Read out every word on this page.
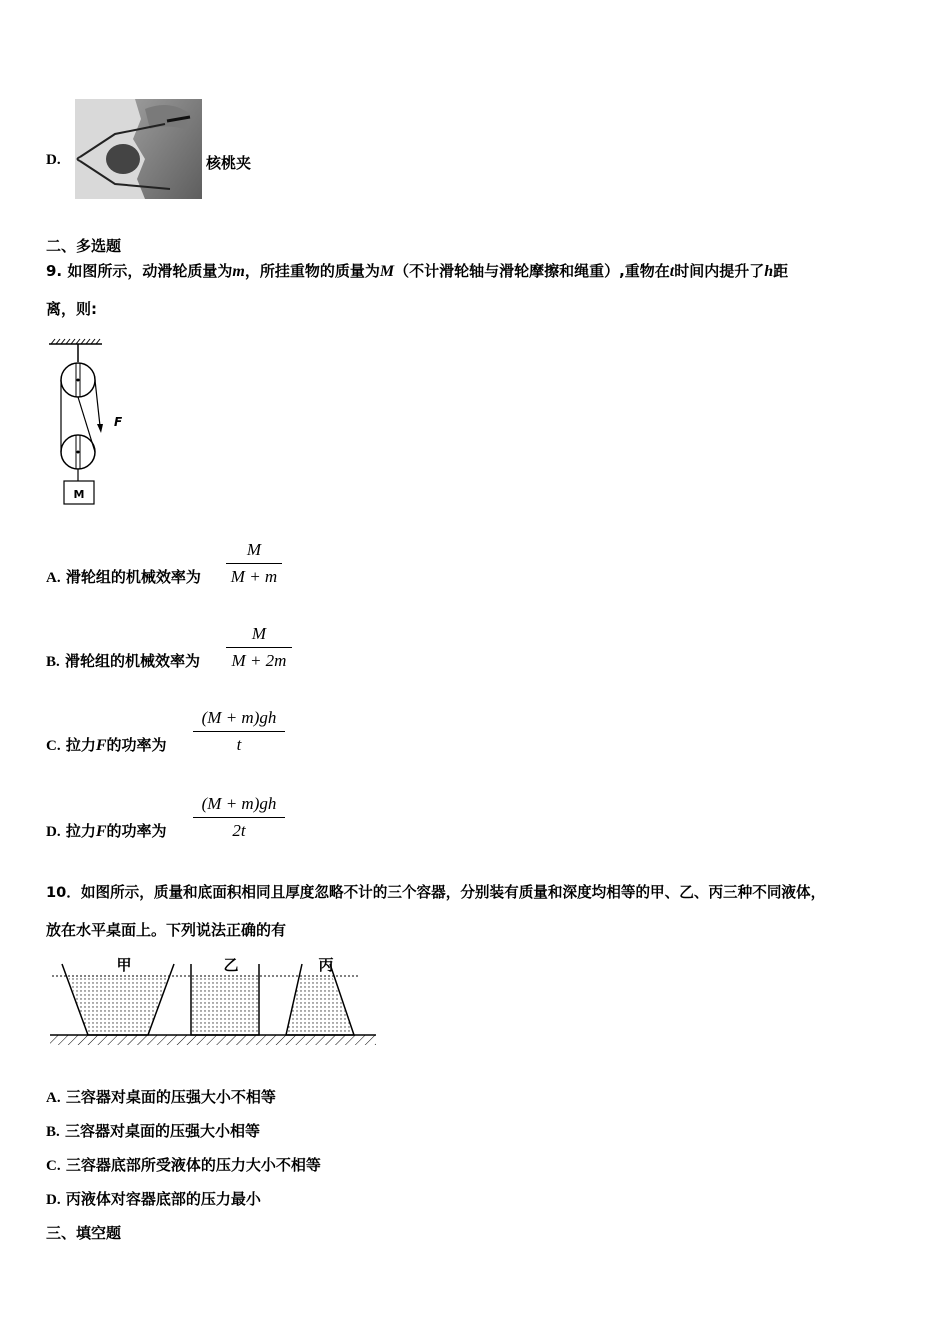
D.	核桃夹
二、多选题
9. 如图所示，动滑轮质量为m，所挂重物的质量为M（不计滑轮轴与滑轮摩擦和绳重）,重物在t时间内提升了h距
离，则:
M
F
A. 滑轮组的机械效率为
M
M + m
B. 滑轮组的机械效率为
M
M + 2m
C. 拉力F的功率为
(M + m)gh
t
D. 拉力F的功率为
(M + m)gh
2t
10．如图所示，质量和底面积相同且厚度忽略不计的三个容器，分别装有质量和深度均相等的甲、乙、丙三种不同液体，
放在水平桌面上。下列说法正确的有
甲	乙	丙
A. 三容器对桌面的压强大小不相等
B. 三容器对桌面的压强大小相等
C. 三容器底部所受液体的压力大小不相等
D. 丙液体对容器底部的压力最小
三、填空题
